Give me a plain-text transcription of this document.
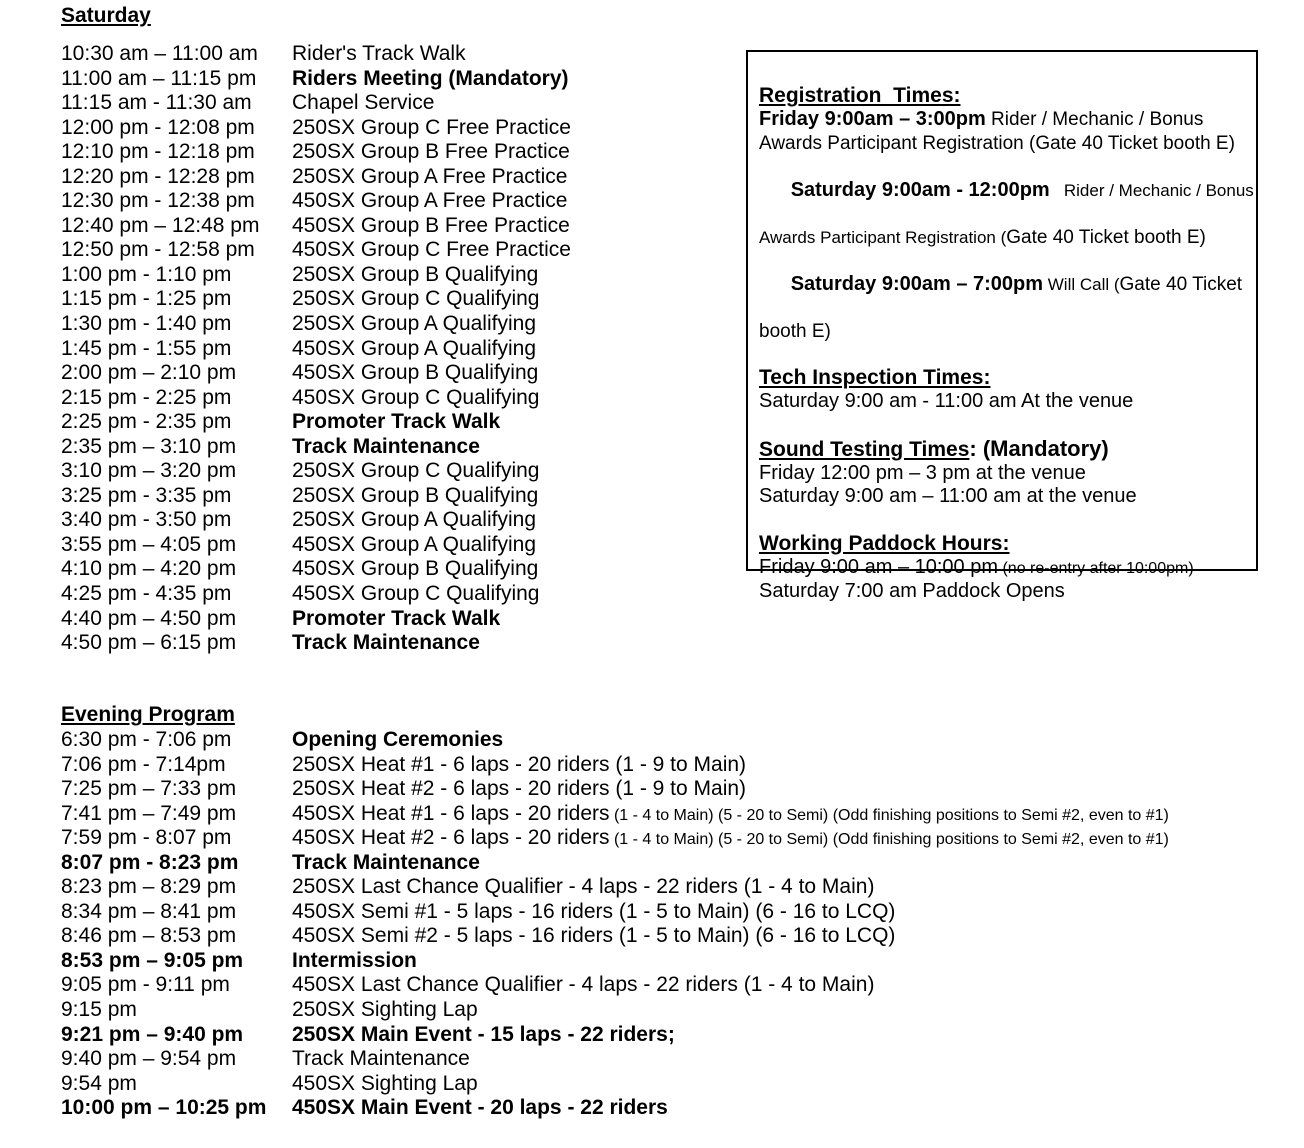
Saturday
10:30 am – 11:00 am Rider's Track Walk
11:00 am – 11:15 pm Riders Meeting (Mandatory)
11:15 am - 11:30 am Chapel Service
12:00 pm - 12:08 pm 250SX Group C Free Practice
12:10 pm - 12:18 pm 250SX Group B Free Practice
12:20 pm - 12:28 pm 250SX Group A Free Practice
12:30 pm - 12:38 pm 450SX Group A Free Practice
12:40 pm – 12:48 pm 450SX Group B Free Practice
12:50 pm - 12:58 pm 450SX Group C Free Practice
1:00 pm - 1:10 pm	250SX Group B Qualifying
1:15 pm - 1:25 pm	250SX Group C Qualifying
1:30 pm - 1:40 pm	250SX Group A Qualifying
1:45 pm - 1:55 pm	450SX Group A Qualifying
2:00 pm – 2:10 pm	450SX Group B Qualifying
2:15 pm - 2:25 pm	450SX Group C Qualifying
2:25 pm - 2:35 pm	Promoter Track Walk
2:35 pm – 3:10 pm	Track Maintenance
3:10 pm – 3:20 pm	250SX Group C Qualifying
3:25 pm - 3:35 pm	250SX Group B Qualifying
3:40 pm - 3:50 pm	250SX Group A Qualifying
3:55 pm – 4:05 pm	450SX Group A Qualifying
4:10 pm – 4:20 pm	450SX Group B Qualifying
4:25 pm - 4:35 pm	450SX Group C Qualifying
4:40 pm – 4:50 pm	Promoter Track Walk
4:50 pm – 6:15 pm	Track Maintenance
Evening Program
6:30 pm - 7:06 pm	Opening Ceremonies
7:06 pm - 7:14pm	250SX Heat #1 - 6 laps - 20 riders (1 - 9 to Main)
7:25 pm – 7:33 pm	250SX Heat #2 - 6 laps - 20 riders (1 - 9 to Main)
7:41 pm – 7:49 pm	450SX Heat #1 - 6 laps - 20 riders (1 - 4 to Main) (5 - 20 to Semi) (Odd finishing positions to Semi #2, even to #1)
7:59 pm - 8:07 pm	450SX Heat #2 - 6 laps - 20 riders (1 - 4 to Main) (5 - 20 to Semi) (Odd finishing positions to Semi #2, even to #1)
8:07 pm - 8:23 pm	Track Maintenance
8:23 pm – 8:29 pm	250SX Last Chance Qualifier - 4 laps - 22 riders (1 - 4 to Main)
8:34 pm – 8:41 pm	450SX Semi #1 - 5 laps - 16 riders (1 - 5 to Main) (6 - 16 to LCQ)
8:46 pm – 8:53 pm	450SX Semi #2 - 5 laps - 16 riders (1 - 5 to Main) (6 - 16 to LCQ)
8:53 pm – 9:05 pm Intermission
9:05 pm - 9:11 pm	450SX Last Chance Qualifier - 4 laps - 22 riders (1 - 4 to Main)
9:15 pm	250SX Sighting Lap
9:21 pm – 9:40 pm 250SX Main Event - 15 laps - 22 riders;
9:40 pm – 9:54 pm	Track Maintenance
9:54 pm	450SX Sighting Lap
10:00 pm – 10:25 pm 450SX Main Event - 20 laps - 22 riders
Registration  Times:
Friday 9:00am – 3:00pm Rider / Mechanic / Bonus
Awards Participant Registration (Gate 40 Ticket booth E)

Saturday 9:00am - 12:00pm   Rider / Mechanic / Bonus

Awards Participant Registration (Gate 40 Ticket booth E)

Saturday 9:00am – 7:00pm Will Call (Gate 40 Ticket

booth E)
Tech Inspection Times:
Saturday 9:00 am - 11:00 am At the venue
Sound Testing Times: (Mandatory)
Friday 12:00 pm – 3 pm at the venue
Saturday 9:00 am – 11:00 am at the venue
Working Paddock Hours:
Friday 9:00 am – 10:00 pm (no re-entry after 10:00pm)
Saturday 7:00 am Paddock Opens
